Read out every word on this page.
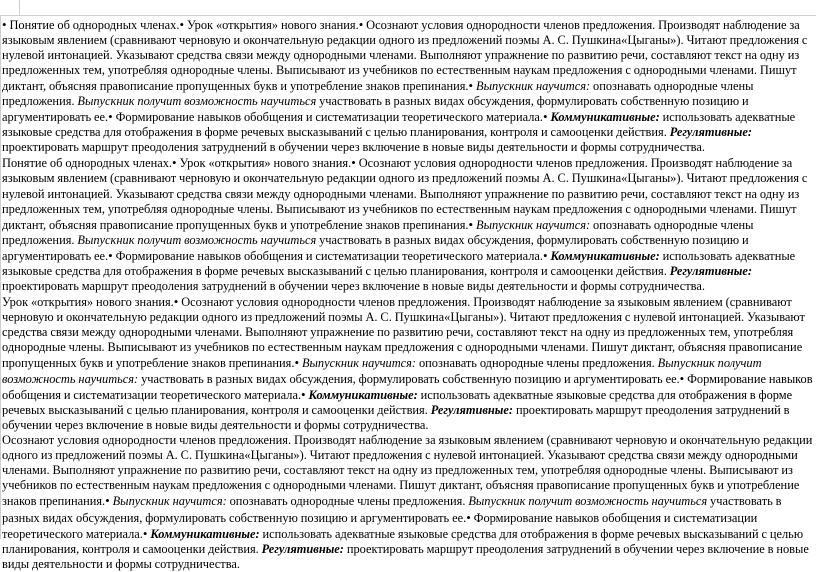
• Понятие об однородных членах.• Урок «открытия» нового знания.• Осознают условия однородности членов предложения. Производят наблюдение за языковым явлением (сравнивают черновую и окончательную редакции одного из предложений поэмы А. С. Пушкина«Цыганы»). Читают предложения с нулевой интонацией. Указывают средства связи между однородными членами. Выполняют упражнение по развитию речи, составляют текст на одну из предложенных тем, употребляя однородные члены. Выписывают из учебников по естественным наукам предложения с однородными членами. Пишут диктант, объясняя правописание пропущенных букв и употребление знаков препинания.• Выпускник научится: опознавать однородные члены предложения. Выпускник получит возможность научиться участвовать в разных видах обсуждения, формулировать собственную позицию и аргументировать ее.• Формирование навыков обобщения и систематизации теоретического материала.• Коммуникативные: использовать адекватные языковые средства для отображения в форме речевых высказываний с целью планирования, контроля и самооценки действия. Регулятивные: проектировать маршрут преодоления затруднений в обучении через включение в новые виды деятельности и формы сотрудничества.
Понятие об однородных членах.• Урок «открытия» нового знания.• Осознают условия однородности членов предложения. Производят наблюдение за языковым явлением (сравнивают черновую и окончательную редакции одного из предложений поэмы А. С. Пушкина«Цыганы»). Читают предложения с нулевой интонацией. Указывают средства связи между однородными членами. Выполняют упражнение по развитию речи, составляют текст на одну из предложенных тем, употребляя однородные члены. Выписывают из учебников по естественным наукам предложения с однородными членами. Пишут диктант, объясняя правописание пропущенных букв и употребление знаков препинания.• Выпускник научится: опознавать однородные члены предложения. Выпускник получит возможность научиться участвовать в разных видах обсуждения, формулировать собственную позицию и аргументировать ее.• Формирование навыков обобщения и систематизации теоретического материала.• Коммуникативные: использовать адекватные языковые средства для отображения в форме речевых высказываний с целью планирования, контроля и самооценки действия. Регулятивные: проектировать маршрут преодоления затруднений в обучении через включение в новые виды деятельности и формы сотрудничества.
Урок «открытия» нового знания.• Осознают условия однородности членов предложения. Производят наблюдение за языковым явлением (сравнивают черновую и окончательную редакции одного из предложений поэмы А. С. Пушкина«Цыганы»). Читают предложения с нулевой интонацией. Указывают средства связи между однородными членами. Выполняют упражнение по развитию речи, составляют текст на одну из предложенных тем, употребляя однородные члены. Выписывают из учебников по естественным наукам предложения с однородными членами. Пишут диктант, объясняя правописание пропущенных букв и употребление знаков препинания.• Выпускник научится: опознавать однородные члены предложения. Выпускник получит возможность научиться: участвовать в разных видах обсуждения, формулировать собственную позицию и аргументировать ее.• Формирование навыков обобщения и систематизации теоретического материала.• Коммуникативные: использовать адекватные языковые средства для отображения в форме речевых высказываний с целью планирования, контроля и самооценки действия. Регулятивные: проектировать маршрут преодоления затруднений в обучении через включение в новые виды деятельности и формы сотрудничества.
Осознают условия однородности членов предложения. Производят наблюдение за языковым явлением (сравнивают черновую и окончательную редакции одного из предложений поэмы А. С. Пушкина«Цыганы»). Читают предложения с нулевой интонацией. Указывают средства связи между однородными членами. Выполняют упражнение по развитию речи, составляют текст на одну из предложенных тем, употребляя однородные члены. Выписывают из учебников по естественным наукам предложения с однородными членами. Пишут диктант, объясняя правописание пропущенных букв и употребление знаков препинания.• Выпускник научится: опознавать однородные члены предложения. Выпускник получит возможность научиться участвовать в разных видах обсуждения, формулировать собственную позицию и аргументировать ее.• Формирование навыков обобщения и систематизации теоретического материала.• Коммуникативные: использовать адекватные языковые средства для отображения в форме речевых высказываний с целью планирования, контроля и самооценки действия. Регулятивные: проектировать маршрут преодоления затруднений в обучении через включение в новые виды деятельности и формы сотрудничества.
